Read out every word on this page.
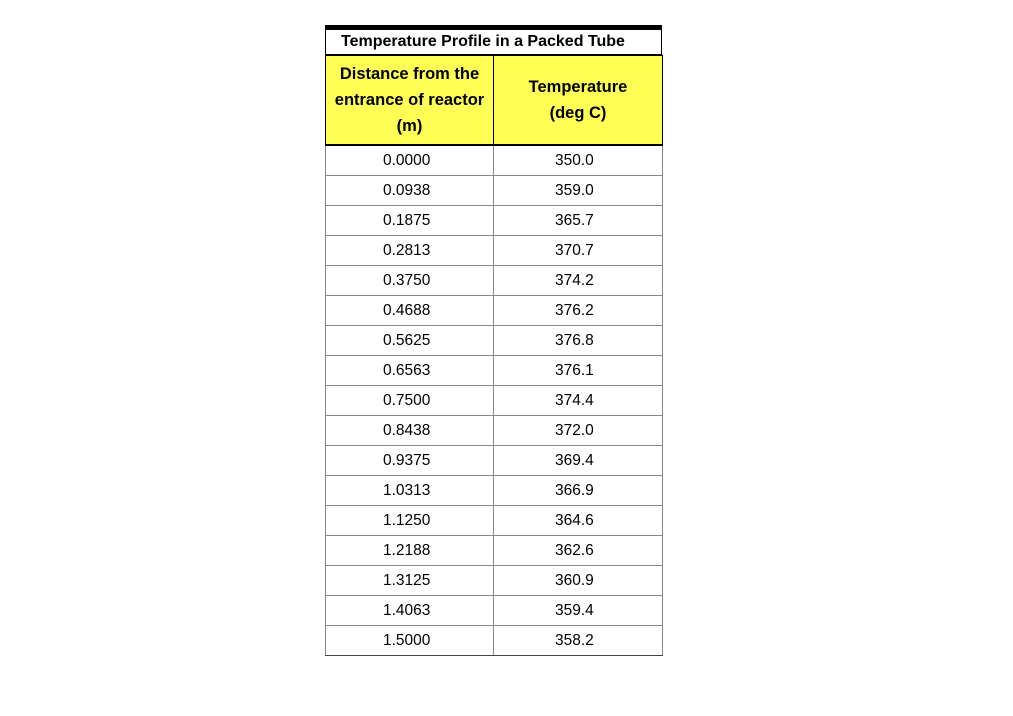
Temperature Profile in a Packed Tube
Distance from the entrance of reactor (m)	Temperature (deg C)

0.0000	350.0
0.0938	359.0
0.1875	365.7
0.2813	370.7
0.3750	374.2
0.4688	376.2
0.5625	376.8
0.6563	376.1
0.7500	374.4
0.8438	372.0
0.9375	369.4
1.0313	366.9
1.1250	364.6
1.2188	362.6
1.3125	360.9
1.4063	359.4
1.5000	358.2
